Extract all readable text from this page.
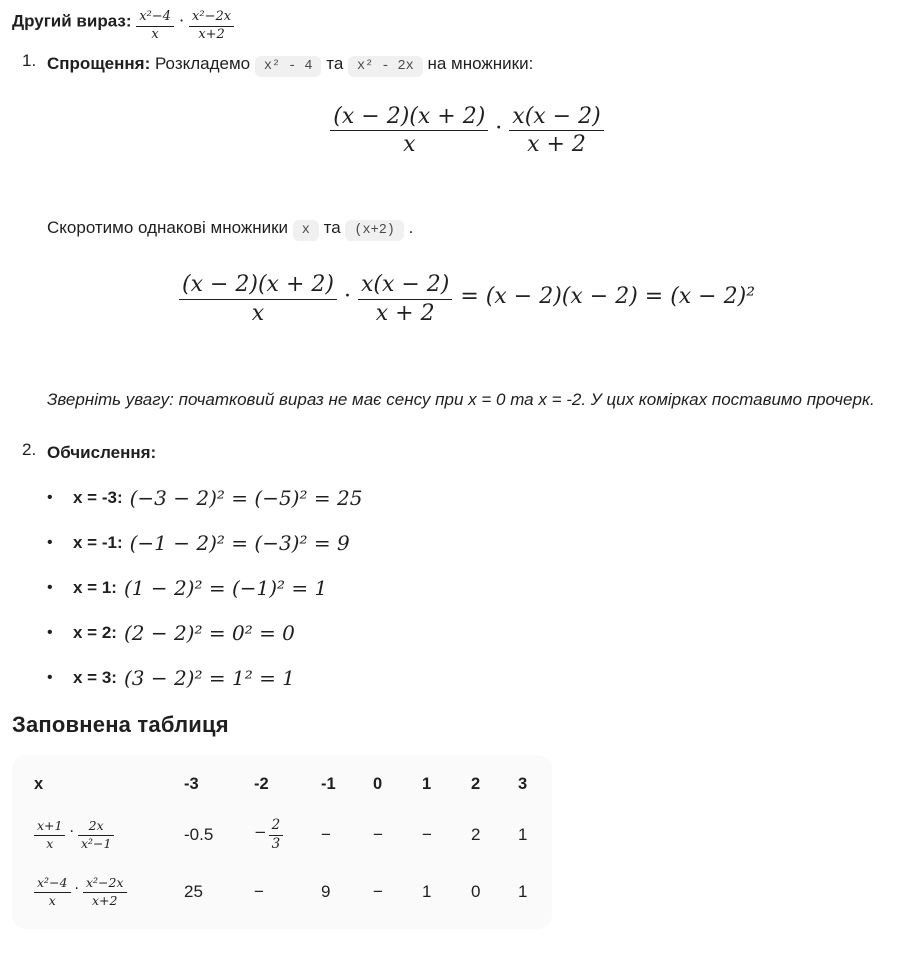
Другий вираз: $\frac{\text{x²−4}}{x} \cdot \frac{\text{x²−2x}}{x+2}$

1. Спрощення: Розкладемо x² - 4 та x² - 2x на множники:

$\frac{(x - 2)(x + 2)}{x} \cdot \frac{x(x - 2)}{x + 2}$

Скоротимо однакові множники x та (x+2) .

$\frac{(x - 2)(x + 2)}{x} \cdot \frac{x(x - 2)}{x + 2} = (x - 2)(x - 2) = (x - 2)^2$

Зверніть увагу: початковий вираз не має сенсу при x = 0 та x = -2. У цих комірках поставимо прочерк.

2. Обчислення:

•	x = -3: (−3 − 2)² = (−5)² = 25
•	x = -1: (−1 − 2)² = (−3)² = 9
•	x = 1: (1 − 2)² = (−1)² = 1
•	x = 2: (2 − 2)² = 0² = 0
•	x = 3: (3 − 2)² = 1² = 1
Заповнена таблиця
x	-3	-2	-1	0	1	2	3

$\frac{x+1}{x} \cdot \frac{2x}{\text{x²−1}}$	-0.5	− $\frac{2}{3}$	−	−	−	2	1

$\frac{\text{x²−4}}{x} \cdot \frac{\text{x²−2x}}{x+2}$	25	−	9	−	1	0	1
